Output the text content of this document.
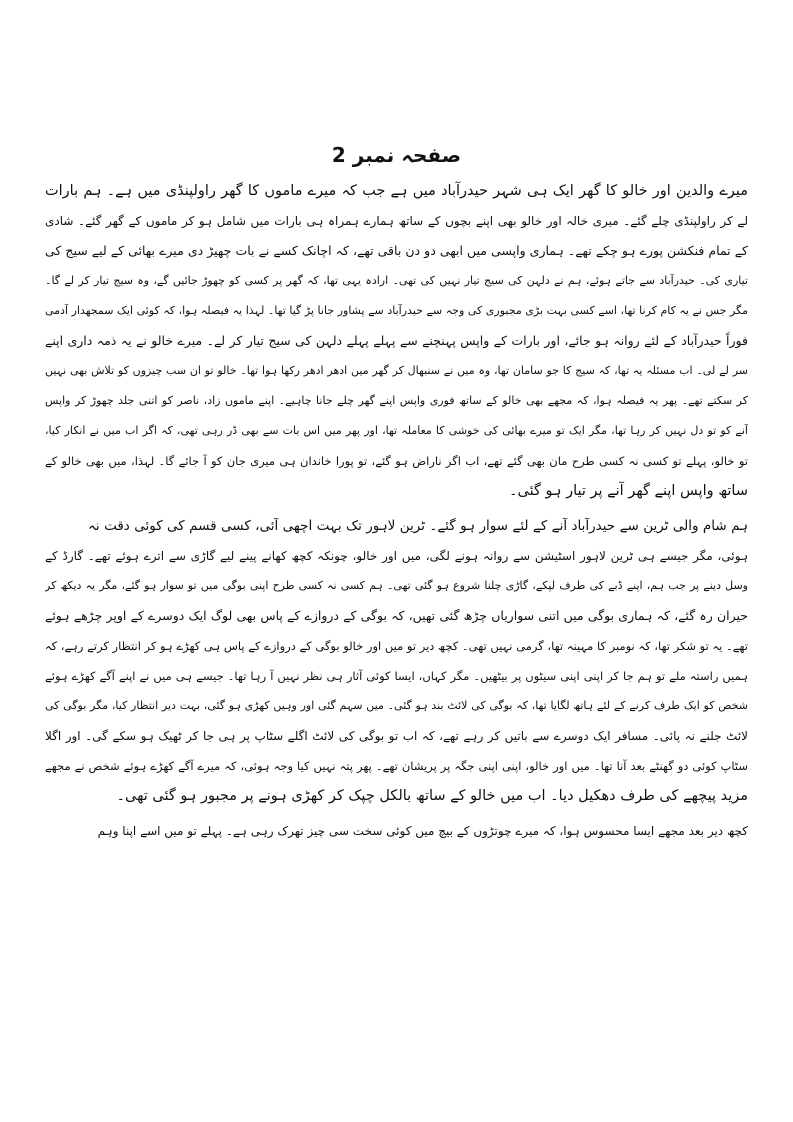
صفحہ نمبر 2
میرے والدین اور خالو کا گھر ایک ہی شہر حیدرآباد میں ہے جب کہ میرے ماموں کا گھر راولپنڈی میں ہے۔ ہم بارات
لے کر راولپنڈی چلے گئے۔ میری خالہ اور خالو بھی اپنے بچوں کے ساتھ ہمارے ہمراہ ہی بارات میں شامل ہو کر ماموں کے گھر گئے۔ شادی
کے تمام فنکشن پورے ہو چکے تھے۔ ہماری واپسی میں ابھی دو دن باقی تھے، کہ اچانک کسے نے بات چھیڑ دی میرے بھائی کے لیے سیج کی
تیاری کی۔ حیدرآباد سے جاتے ہوئے، ہم نے دلہن کی سیج تیار نہیں کی تھی۔ ارادہ یہی تھا، کہ گھر پر کسی کو چھوڑ جائیں گے، وہ سیج تیار کر لے گا۔
مگر جس نے یہ کام کرنا تھا، اسے کسی بہت بڑی مجبوری کی وجہ سے حیدرآباد سے پشاور جانا پڑ گیا تھا۔ لہذا یہ فیصلہ ہوا، کہ کوئی ایک سمجھدار آدمی
فوراً حیدرآباد کے لئے روانہ ہو جائے، اور بارات کے واپس پہنچنے سے پہلے پہلے دلہن کی سیج تیار کر لے۔ میرے خالو نے یہ ذمہ داری اپنے
سر لے لی۔ اب مسئلہ یہ تھا، کہ سیج کا جو سامان تھا، وہ میں نے سنبھال کر گھر میں ادھر ادھر رکھا ہوا تھا۔ خالو تو ان سب چیزوں کو تلاش بھی نہیں
کر سکتے تھے۔ پھر یہ فیصلہ ہوا، کہ مجھے بھی خالو کے ساتھ فوری واپس اپنے گھر چلے جانا چاہیے۔ اپنے ماموں زاد، ناصر کو اتنی جلد چھوڑ کر واپس
آنے کو تو دل نہیں کر رہا تھا، مگر ایک تو میرے بھائی کی خوشی کا معاملہ تھا، اور پھر میں اس بات سے بھی ڈر رہی تھی، کہ اگر اب میں نے انکار کیا،
تو خالو، پہلے تو کسی نہ کسی طرح مان بھی گئے تھے، اب اگر ناراض ہو گئے، تو پورا خاندان ہی میری جان کو آ جائے گا۔ لہذا، میں بھی خالو کے
ساتھ واپس اپنے گھر آنے پر تیار ہو گئی۔
ہم شام والی ٹرین سے حیدرآباد آنے کے لئے سوار ہو گئے۔ ٹرین لاہور تک بہت اچھی آئی، کسی قسم کی کوئی دقت نہ
ہوئی، مگر جیسے ہی ٹرین لاہور اسٹیشن سے روانہ ہونے لگی، میں اور خالو، چونکہ کچھ کھانے پینے لیے گاڑی سے اترے ہوئے تھے۔ گارڈ کے
وسل دینے پر جب ہم، اپنے ڈبے کی طرف لپکے، گاڑی چلنا شروع ہو گئی تھی۔ ہم کسی نہ کسی طرح اپنی بوگی میں تو سوار ہو گئے، مگر یہ دیکھ کر
حیران رہ گئے، کہ ہماری بوگی میں اتنی سواریاں چڑھ گئی تھیں، کہ بوگی کے دروازے کے پاس بھی لوگ ایک دوسرے کے اوپر چڑھے ہوئے
تھے۔ یہ تو شکر تھا، کہ نومبر کا مہینہ تھا، گرمی نہیں تھی۔ کچھ دیر تو میں اور خالو بوگی کے دروازے کے پاس ہی کھڑے ہو کر انتظار کرتے رہے، کہ
ہمیں راستہ ملے تو ہم جا کر اپنی اپنی سیٹوں پر بیٹھیں۔ مگر کہاں، ایسا کوئی آثار ہی نظر نہیں آ رہا تھا۔ جیسے ہی میں نے اپنے آگے کھڑے ہوئے
شخص کو ایک طرف کرنے کے لئے ہاتھ لگایا تھا، کہ بوگی کی لائٹ بند ہو گئی۔ میں سہم گئی اور وہیں کھڑی ہو گئی، بہت دیر انتظار کیا، مگر بوگی کی
لائٹ جلنے نہ پائی۔ مسافر ایک دوسرے سے باتیں کر رہے تھے، کہ اب تو بوگی کی لائٹ اگلے سٹاپ پر ہی جا کر ٹھیک ہو سکے گی۔ اور اگلا
سٹاپ کوئی دو گھنٹے بعد آنا تھا۔ میں اور خالو، اپنی اپنی جگہ پر پریشان تھے۔ پھر پتہ نہیں کیا وجہ ہوئی، کہ میرے آگے کھڑے ہوئے شخص نے مجھے
مزید پیچھے کی طرف دھکیل دیا۔ اب میں خالو کے ساتھ بالکل چپک کر کھڑی ہونے پر مجبور ہو گئی تھی۔
کچھ دیر بعد مجھے ایسا محسوس ہوا، کہ میرے چوتڑوں کے بیچ میں کوئی سخت سی چیز تھرک رہی ہے۔ پہلے تو میں اسے اپنا وہم
